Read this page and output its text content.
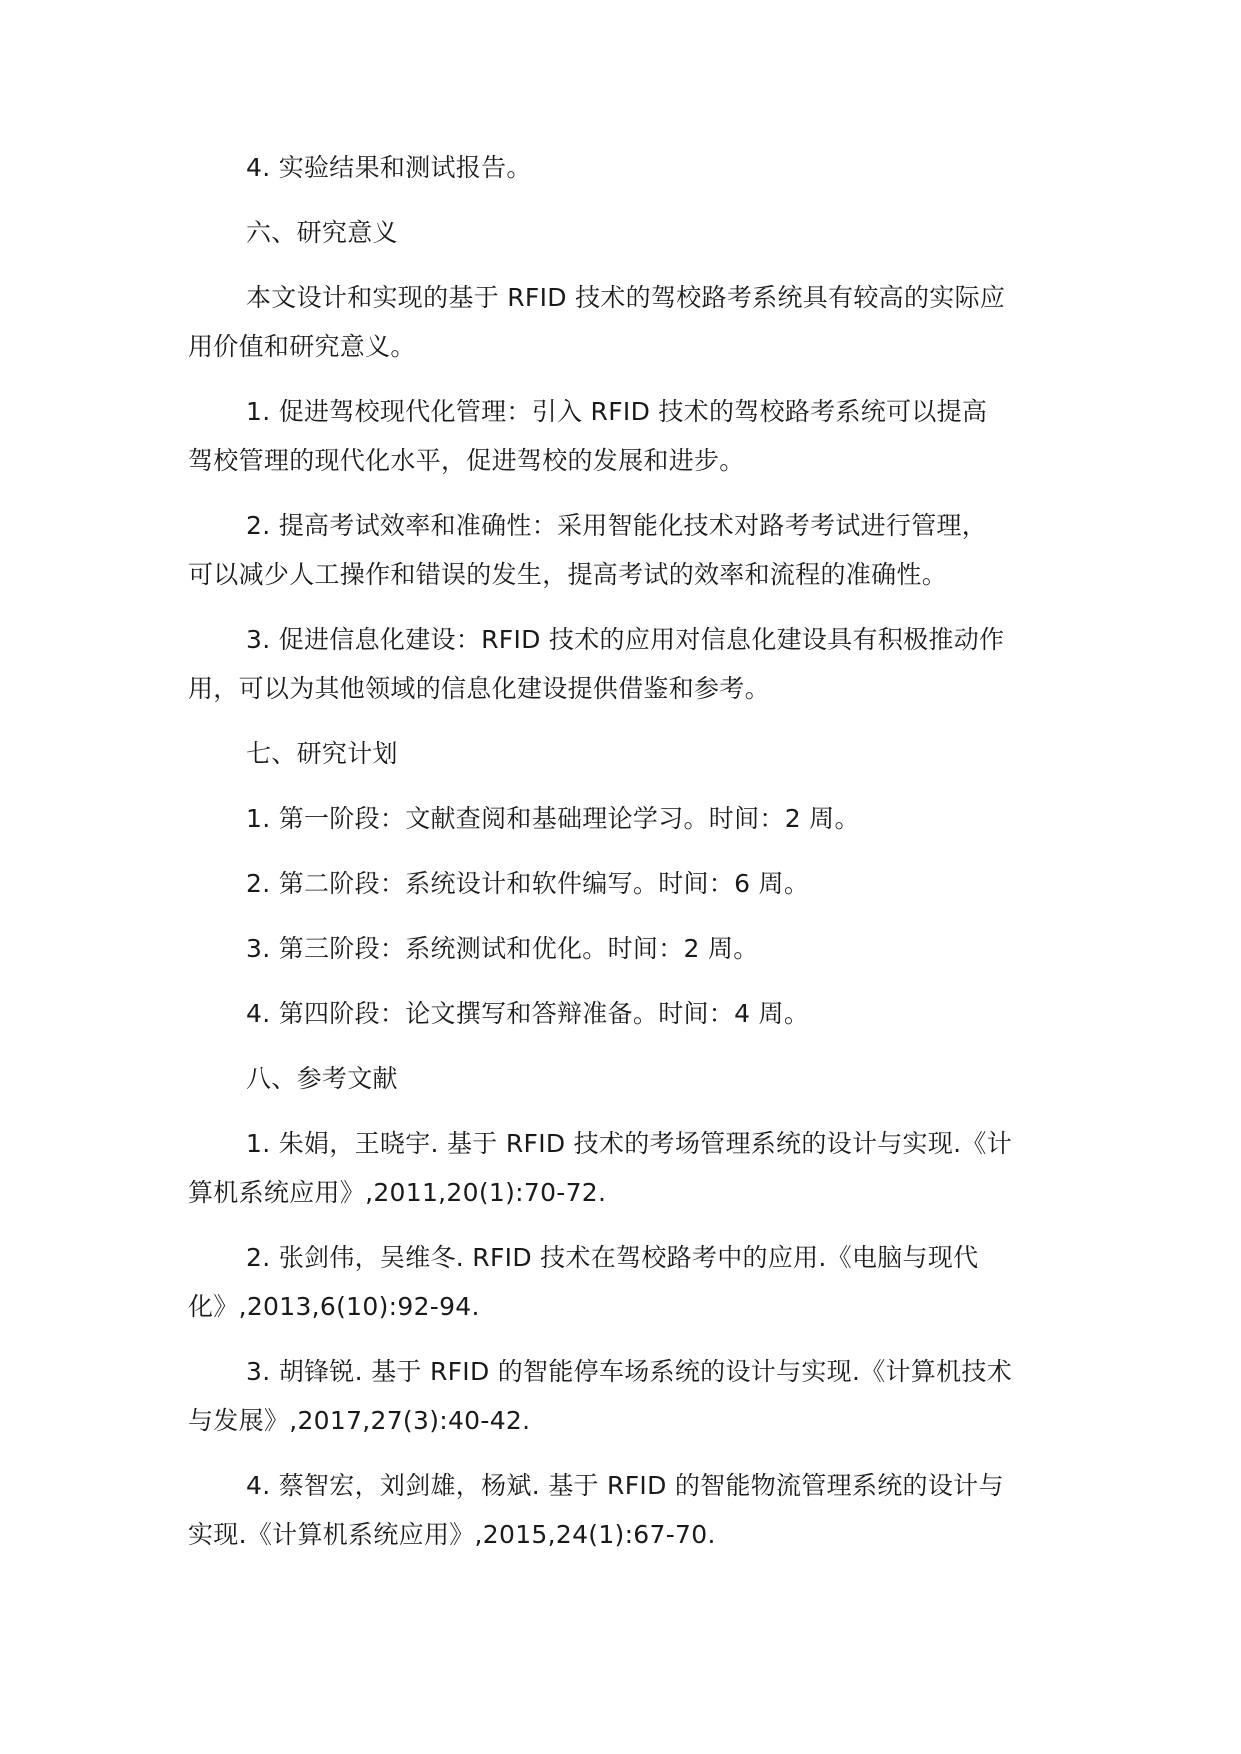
4. 实验结果和测试报告。
六、研究意义
本文设计和实现的基于 RFID 技术的驾校路考系统具有较高的实际应
用价值和研究意义。
1. 促进驾校现代化管理：引入 RFID 技术的驾校路考系统可以提高
驾校管理的现代化水平，促进驾校的发展和进步。
2. 提高考试效率和准确性：采用智能化技术对路考考试进行管理，
可以减少人工操作和错误的发生，提高考试的效率和流程的准确性。
3. 促进信息化建设：RFID 技术的应用对信息化建设具有积极推动作
用，可以为其他领域的信息化建设提供借鉴和参考。
七、研究计划
1. 第一阶段：文献查阅和基础理论学习。时间：2 周。
2. 第二阶段：系统设计和软件编写。时间：6 周。
3. 第三阶段：系统测试和优化。时间：2 周。
4. 第四阶段：论文撰写和答辩准备。时间：4 周。
八、参考文献
1. 朱娟，王晓宇. 基于 RFID 技术的考场管理系统的设计与实现.《计
算机系统应用》,2011,20(1):70-72.
2. 张剑伟，吴维冬. RFID 技术在驾校路考中的应用.《电脑与现代
化》,2013,6(10):92-94.
3. 胡锋锐. 基于 RFID 的智能停车场系统的设计与实现.《计算机技术
与发展》,2017,27(3):40-42.
4. 蔡智宏，刘剑雄，杨斌. 基于 RFID 的智能物流管理系统的设计与
实现.《计算机系统应用》,2015,24(1):67-70.
